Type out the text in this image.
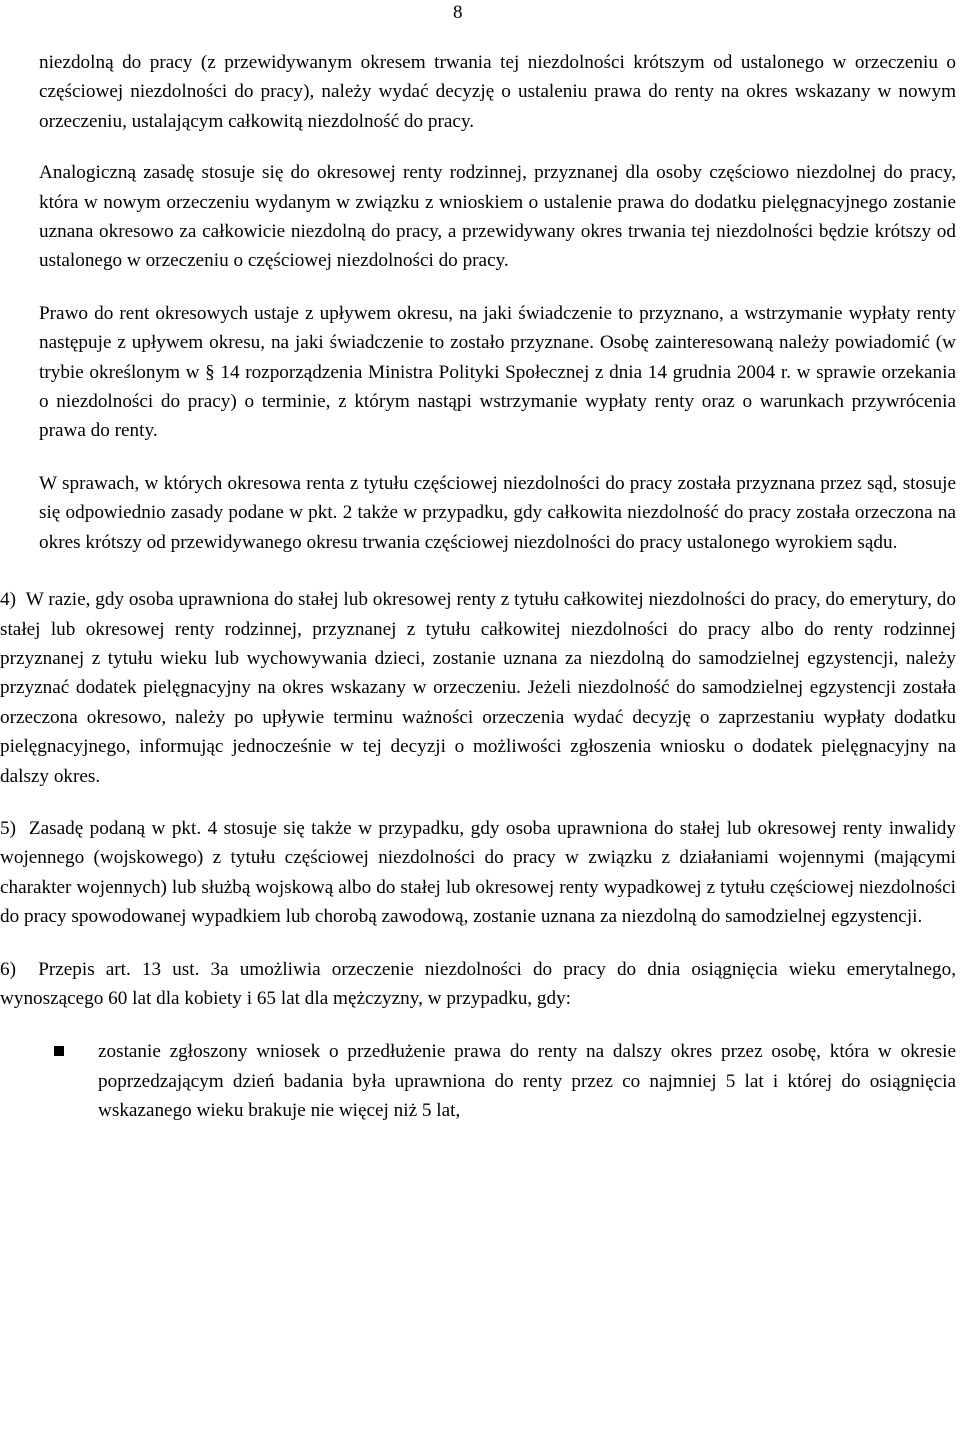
8

niezdolną do pracy (z przewidywanym okresem trwania tej niezdolności krótszym od ustalonego w orzeczeniu o częściowej niezdolności do pracy), należy wydać decyzję o ustaleniu prawa do renty na okres wskazany w nowym orzeczeniu, ustalającym całkowitą niezdolność do pracy.

Analogiczną zasadę stosuje się do okresowej renty rodzinnej, przyznanej dla osoby częściowo niezdolnej do pracy, która w nowym orzeczeniu wydanym w związku z wnioskiem o ustalenie prawa do dodatku pielęgnacyjnego zostanie uznana okresowo za całkowicie niezdolną do pracy, a przewidywany okres trwania tej niezdolności będzie krótszy od ustalonego w orzeczeniu o częściowej niezdolności do pracy.

Prawo do rent okresowych ustaje z upływem okresu, na jaki świadczenie to przyznano, a wstrzymanie wypłaty renty następuje z upływem okresu, na jaki świadczenie to zostało przyznane. Osobę zainteresowaną należy powiadomić (w trybie określonym w § 14 rozporządzenia Ministra Polityki Społecznej z dnia 14 grudnia 2004 r. w sprawie orzekania o niezdolności do pracy) o terminie, z którym nastąpi wstrzymanie wypłaty renty oraz o warunkach przywrócenia prawa do renty.

W sprawach, w których okresowa renta z tytułu częściowej niezdolności do pracy została przyznana przez sąd, stosuje się odpowiednio zasady podane w pkt. 2 także w przypadku, gdy całkowita niezdolność do pracy została orzeczona na okres krótszy od przewidywanego okresu trwania częściowej niezdolności do pracy ustalonego wyrokiem sądu.

4) W razie, gdy osoba uprawniona do stałej lub okresowej renty z tytułu całkowitej niezdolności do pracy, do emerytury, do stałej lub okresowej renty rodzinnej, przyznanej z tytułu całkowitej niezdolności do pracy albo do renty rodzinnej przyznanej z tytułu wieku lub wychowywania dzieci, zostanie uznana za niezdolną do samodzielnej egzystencji, należy przyznać dodatek pielęgnacyjny na okres wskazany w orzeczeniu. Jeżeli niezdolność do samodzielnej egzystencji została orzeczona okresowo, należy po upływie terminu ważności orzeczenia wydać decyzję o zaprzestaniu wypłaty dodatku pielęgnacyjnego, informując jednocześnie w tej decyzji o możliwości zgłoszenia wniosku o dodatek pielęgnacyjny na dalszy okres.
5) Zasadę podaną w pkt. 4 stosuje się także w przypadku, gdy osoba uprawniona do stałej lub okresowej renty inwalidy wojennego (wojskowego) z tytułu częściowej niezdolności do pracy w związku z działaniami wojennymi (mającymi charakter wojennych) lub służbą wojskową albo do stałej lub okresowej renty wypadkowej z tytułu częściowej niezdolności do pracy spowodowanej wypadkiem lub chorobą zawodową, zostanie uznana za niezdolną do samodzielnej egzystencji.
6) Przepis art. 13 ust. 3a umożliwia orzeczenie niezdolności do pracy do dnia osiągnięcia wieku emerytalnego, wynoszącego 60 lat dla kobiety i 65 lat dla mężczyzny, w przypadku, gdy:
zostanie zgłoszony wniosek o przedłużenie prawa do renty na dalszy okres przez osobę, która w okresie poprzedzającym dzień badania była uprawniona do renty przez co najmniej 5 lat i której do osiągnięcia wskazanego wieku brakuje nie więcej niż 5 lat,
